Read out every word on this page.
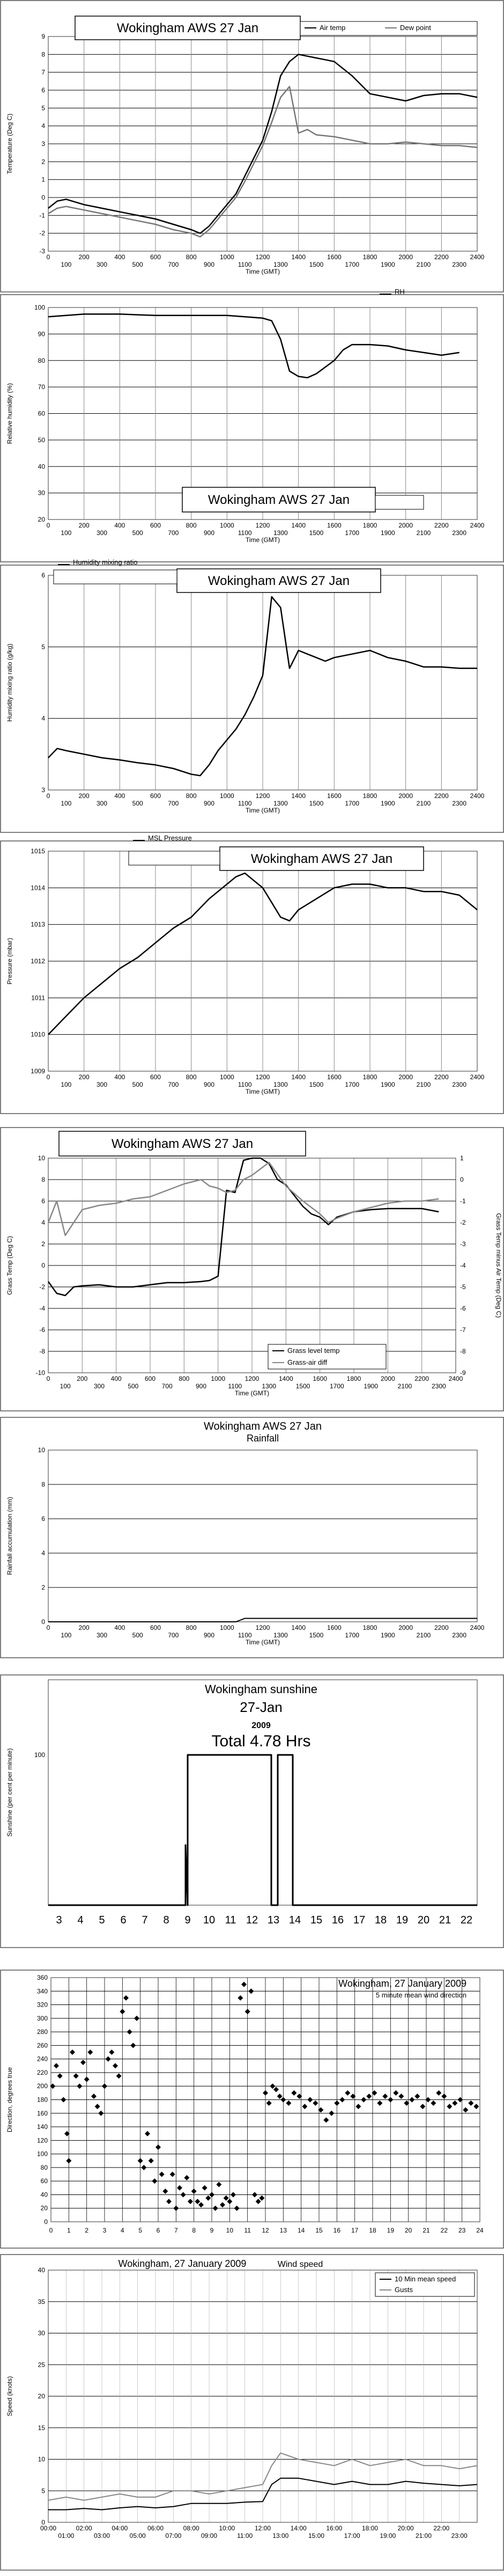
-3
-2
-1
0
1
2
3
4
5
6
7
8
9
0	200	400	600	800	1000	1200	1400	1600	1800	2000	2200	2400
100	300	500	700	900	1100	1300	1500	1700	1900	2100	2300
Time (GMT)
Temperature (Deg C)
Wokingham AWS 27 Jan	Air temp	Dew point
20
30
40
50
60
70
80
90
100
0	200	400	600	800	1000	1200	1400	1600	1800	2000	2200	2400
100	300	500	700	900	1100	1300	1500	1700	1900	2100	2300
Time (GMT)
Relative humidity (%)
Wokingham AWS 27 Jan
RH
3
4
5
6
0	200	400	600	800	1000	1200	1400	1600	1800	2000	2200	2400
100	300	500	700	900	1100	1300	1500	1700	1900	2100	2300
Time (GMT)
Humidity mixing ratio (g/kg)
Wokingham AWS 27 Jan
Humidity mixing ratio
1009
1010
1011
1012
1013
1014
1015
0	200	400	600	800	1000	1200	1400	1600	1800	2000	2200	2400
100	300	500	700	900	1100	1300	1500	1700	1900	2100	2300
Time (GMT)
Pressure (mbar)
Wokingham AWS 27 Jan
MSL Pressure
-10
-8
-6
-4
-2
0
2
4
6
8
10
-9
-8
-7
-6
-5
-4
-3
-2
-1
0
1
0	200	400	600	800	1000	1200	1400	1600	1800	2000	2200	2400
100	300	500	700	900	1100	1300	1500	1700	1900	2100	2300
Time (GMT)
Grass Temp (Deg C)	Grass Temp minus Air Temp (Deg C)
Wokingham AWS 27 Jan
Grass level temp
Grass-air diff
0
2
4
6
8
10
0	200	400	600	800	1000	1200	1400	1600	1800	2000	2200	2400
100	300	500	700	900	1100	1300	1500	1700	1900	2100	2300
Time (GMT)
Rainfall accumulation (mm)
Wokingham AWS 27 Jan
Rainfall
100
3 4 5 6 7 8 9 10 11 12 13 14 15 16 17 18 19 20 21 22
Sunshine (per cent per minute)
Wokingham sunshine
27-Jan
2009
Total 4.78 Hrs
0
20
40
60
80
100
120
140
160
180
200
220
240
260
280
300
320
340
360
0 1 2 3 4 5 6 7 8 9 10 11 12 13 14 15 16 17 18 19 20 21 22 23 24
Direction, degrees true
Wokingham, 27 January 2009
5 minute mean wind direction
0
5
10
15
20
25
30
35
40
00:00	02:00	04:00	06:00	08:00	10:00	12:00	14:00	16:00	18:00	20:00	22:00
01:00	03:00	05:00	07:00	09:00	11:00	13:00	15:00	17:00	19:00	21:00	23:00
Speed (knots)
Wokingham, 27 January 2009	Wind speed
10 Min mean speed
Gusts
